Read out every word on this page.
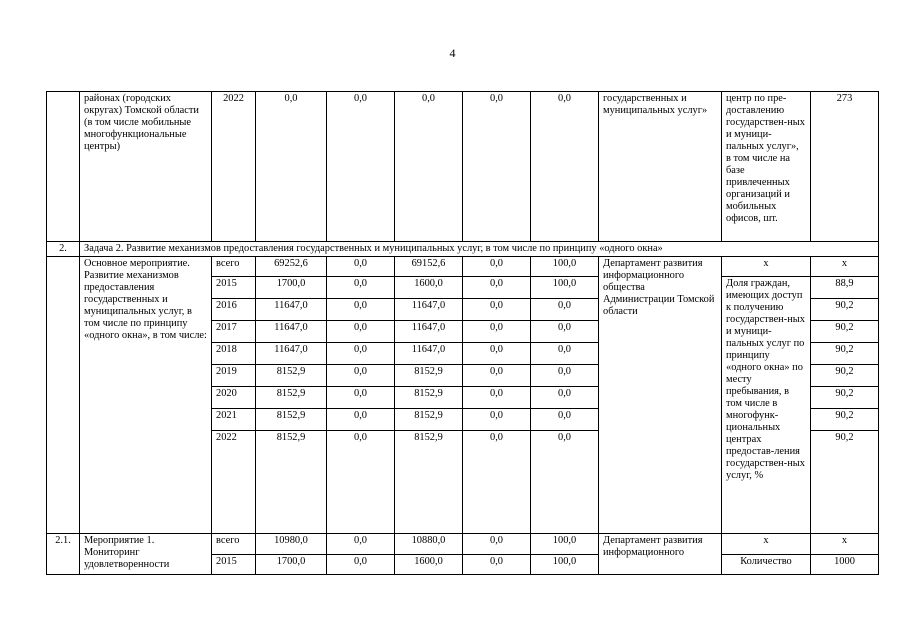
4
	районах (городских округах) Томской области (в том числе мобильные многофункциональные центры)	2022	0,0	0,0	0,0	0,0	0,0	государственных и муниципальных услуг»	центр по пре-доставлению государствен-ных и муници-пальных услуг», в том числе на базе привлеченных организаций и мобильных офисов, шт.	273
2.	Задача 2. Развитие механизмов предоставления государственных и муниципальных услуг, в том числе по принципу «одного окна»									
	Основное мероприятие. Развитие механизмов предоставления государственных и муниципальных услуг, в том числе по принципу «одного окна», в том числе:	всего	69252,6	0,0	69152,6	0,0	100,0	Департамент развития информационного общества Администрации Томской области	х	х
		2015	1700,0	0,0	1600,0	0,0	100,0		Доля граждан, имеющих доступ к получению государствен-ных и муници-пальных услуг по принципу «одного окна» по месту пребывания, в том числе в многофунк-циональных центрах предостав-ления государствен-ных услуг, %	88,9
		2016	11647,0	0,0	11647,0	0,0	0,0			90,2
		2017	11647,0	0,0	11647,0	0,0	0,0			90,2
		2018	11647,0	0,0	11647,0	0,0	0,0			90,2
		2019	8152,9	0,0	8152,9	0,0	0,0			90,2
		2020	8152,9	0,0	8152,9	0,0	0,0			90,2
		2021	8152,9	0,0	8152,9	0,0	0,0			90,2
		2022	8152,9	0,0	8152,9	0,0	0,0			90,2
2.1.	Мероприятие 1. Мониторинг удовлетворенности	всего	10980,0	0,0	10880,0	0,0	100,0	Департамент развития информационного	х	х
		2015	1700,0	0,0	1600,0	0,0	100,0		Количество	1000
